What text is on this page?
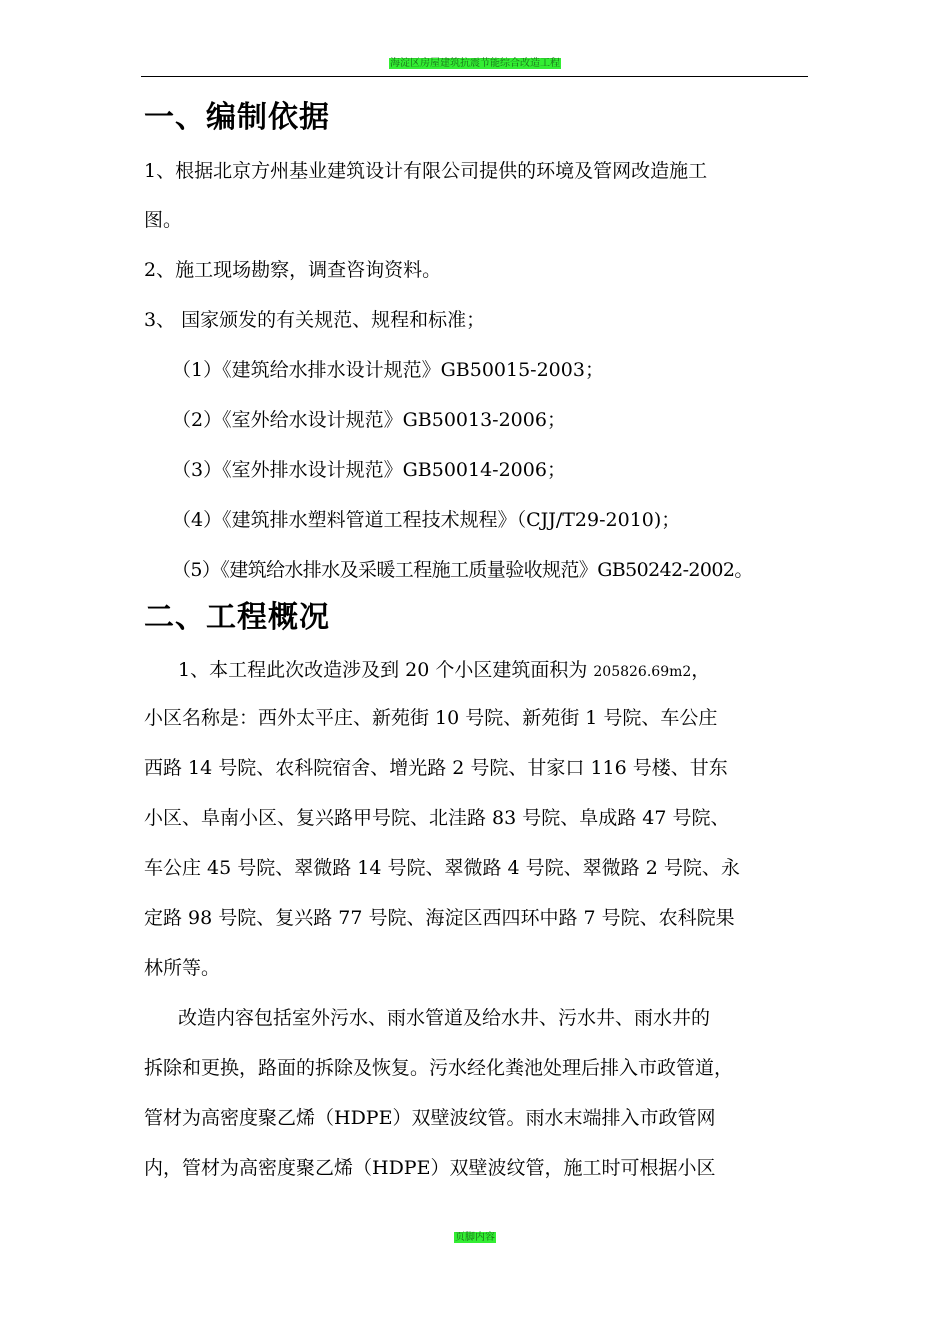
海淀区房屋建筑抗震节能综合改造工程
一、编制依据
1、根据北京方州基业建筑设计有限公司提供的环境及管网改造施工
图。
2、施工现场勘察，调查咨询资料。
3、 国家颁发的有关规范、规程和标准；
（1）《建筑给水排水设计规范》GB50015-2003；
（2）《室外给水设计规范》GB50013-2006；
（3）《室外排水设计规范》GB50014-2006；
（4）《建筑排水塑料管道工程技术规程》（CJJ/T29-2010)；
（5）《建筑给水排水及采暖工程施工质量验收规范》GB50242-2002。
二、工程概况
1、本工程此次改造涉及到 20 个小区建筑面积为 205826.69m2，
小区名称是：西外太平庄、新苑街 10 号院、新苑街 1 号院、车公庄
西路 14 号院、农科院宿舍、增光路 2 号院、甘家口 116 号楼、甘东
小区、阜南小区、复兴路甲号院、北洼路 83 号院、阜成路 47 号院、
车公庄 45 号院、翠微路 14 号院、翠微路 4 号院、翠微路 2 号院、永
定路 98 号院、复兴路 77 号院、海淀区西四环中路 7 号院、农科院果
林所等。
改造内容包括室外污水、雨水管道及给水井、污水井、雨水井的
拆除和更换，路面的拆除及恢复。污水经化粪池处理后排入市政管道，
管材为高密度聚乙烯（HDPE）双壁波纹管。雨水末端排入市政管网
内，管材为高密度聚乙烯（HDPE）双壁波纹管，施工时可根据小区
页脚内容
